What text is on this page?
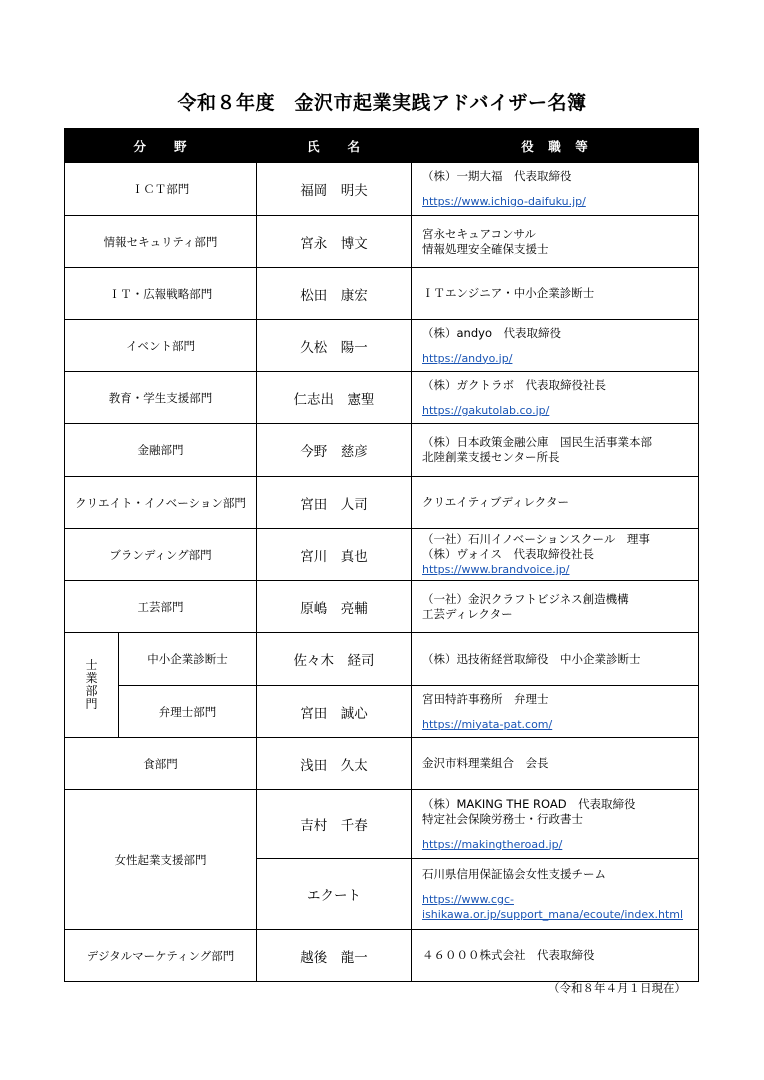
令和８年度　金沢市起業実践アドバイザー名簿
分　　野		氏　　名	役　職　等
ＩＣＴ部門		福岡　明夫	（株）一期大福　代表取締役
https://www.ichigo-daifuku.jp/

情報セキュリティ部門		宮永　博文	宮永セキュアコンサル
情報処理安全確保支援士

ＩＴ・広報戦略部門		松田　康宏	ＩＴエンジニア・中小企業診断士

イベント部門		久松　陽一	（株）andyo　代表取締役
https://andyo.jp/

教育・学生支援部門		仁志出　憲聖	（株）ガクトラボ　代表取締役社長
https://gakutolab.co.jp/

金融部門		今野　慈彦	（株）日本政策金融公庫　国民生活事業本部
北陸創業支援センター所長

クリエイト・イノベーション部門		宮田　人司	クリエイティブディレクター

ブランディング部門		宮川　真也	（一社）石川イノベーションスクール　理事
（株）ヴォイス　代表取締役社長
https://www.brandvoice.jp/

工芸部門		原嶋　亮輔	（一社）金沢クラフトビジネス創造機構
工芸ディレクター

士
業
部
門	中小企業診断士	佐々木　経司	（株）迅技術経営取締役　中小企業診断士

	弁理士部門	宮田　誠心	宮田特許事務所　弁理士
https://miyata-pat.com/

食部門		浅田　久太	金沢市料理業組合　会長

女性起業支援部門		吉村　千春	（株）MAKING THE ROAD　代表取締役
特定社会保険労務士・行政書士
https://makingtheroad.jp/

		エクート	石川県信用保証協会女性支援チーム
https://www.cgc-
ishikawa.or.jp/support_mana/ecoute/index.html

デジタルマーケティング部門		越後　龍一	４６０００株式会社　代表取締役
（令和８年４月１日現在）
